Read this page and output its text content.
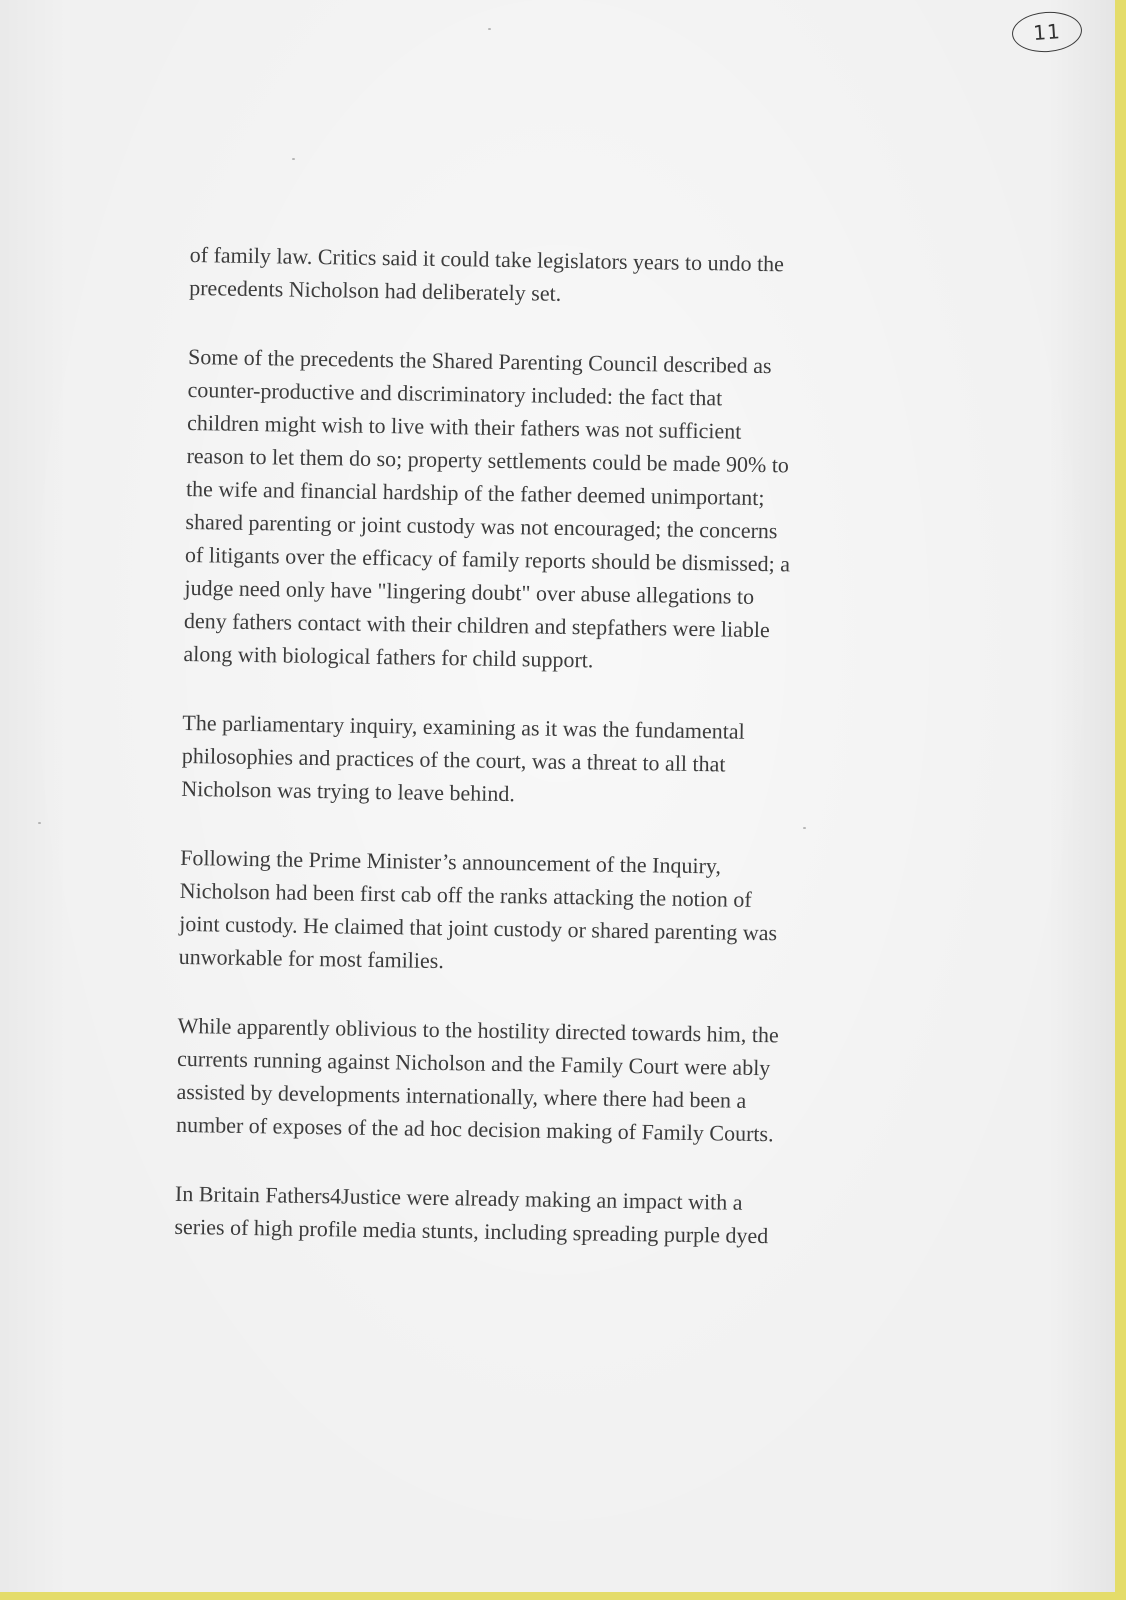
11

of family law. Critics said it could take legislators years to undo the
precedents Nicholson had deliberately set.

Some of the precedents the Shared Parenting Council described as
counter-productive and discriminatory included: the fact that
children might wish to live with their fathers was not sufficient
reason to let them do so; property settlements could be made 90% to
the wife and financial hardship of the father deemed unimportant;
shared parenting or joint custody was not encouraged; the concerns
of litigants over the efficacy of family reports should be dismissed; a
judge need only have "lingering doubt" over abuse allegations to
deny fathers contact with their children and stepfathers were liable
along with biological fathers for child support.

The parliamentary inquiry, examining as it was the fundamental
philosophies and practices of the court, was a threat to all that
Nicholson was trying to leave behind.

Following the Prime Minister’s announcement of the Inquiry,
Nicholson had been first cab off the ranks attacking the notion of
joint custody. He claimed that joint custody or shared parenting was
unworkable for most families.

While apparently oblivious to the hostility directed towards him, the
currents running against Nicholson and the Family Court were ably
assisted by developments internationally, where there had been a
number of exposes of the ad hoc decision making of Family Courts.

In Britain Fathers4Justice were already making an impact with a
series of high profile media stunts, including spreading purple dyed
